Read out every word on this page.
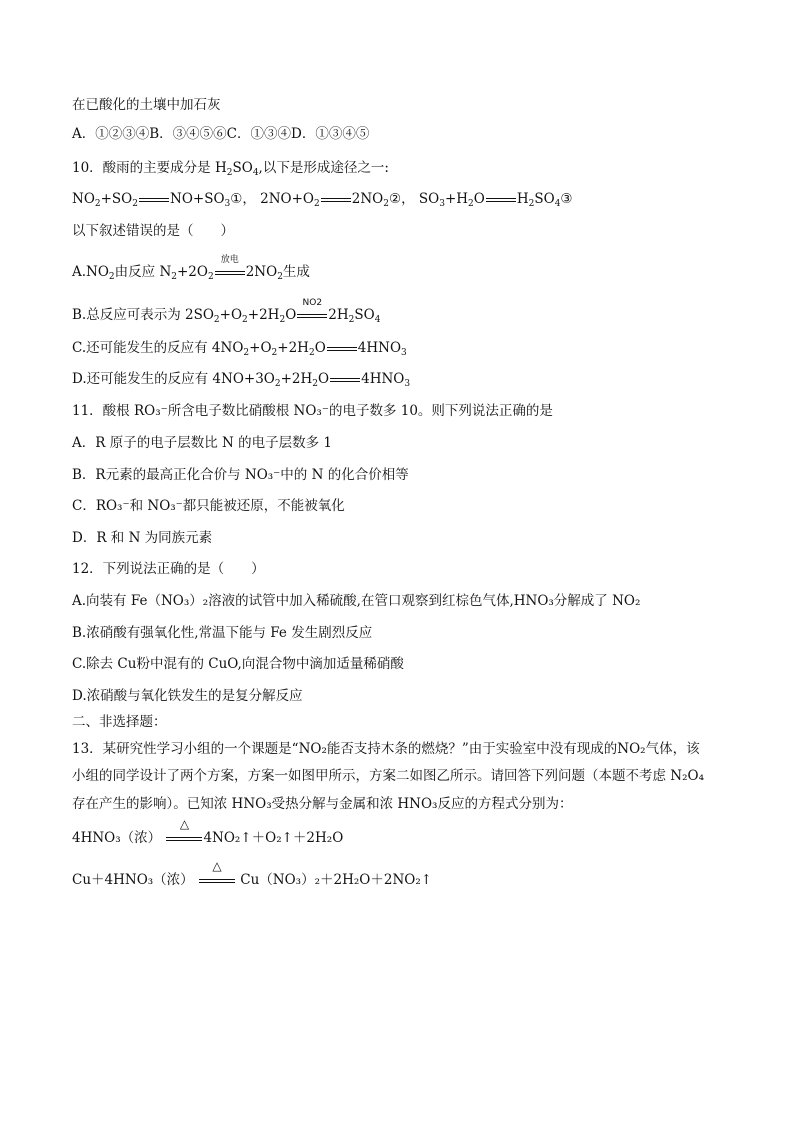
在已酸化的土壤中加石灰
A．①②③④B．③④⑤⑥C．①③④D．①③④⑤
10．酸雨的主要成分是 $H_2SO_4$,以下是形成途径之一:
$NO_2+SO_2$ $NO+SO_3①$， $2NO+O_2$ $2NO_2②$， $SO_3+H_2O$ $H_2SO_4③$
以下叙述错误的是（　　）
$A.NO_2$由反应 $N_2+2O_2$
放电
$2NO_2$生成
B.总反应可表示为 $2SO_2+O_2+2H_2O$
NO2
$2H_2SO_4$
C.还可能发生的反应有 $4NO_2+O_2+2H_2O$ $4HNO_3$
D.还可能发生的反应有 $4NO+3O_2+2H_2O$ $4HNO_3$
11．酸根 RO₃⁻所含电子数比硝酸根 NO₃⁻的电子数多 10。则下列说法正确的是
A．R 原子的电子层数比 N 的电子层数多 1
B．R元素的最高正化合价与 NO₃⁻中的 N 的化合价相等
C．RO₃⁻和 NO₃⁻都只能被还原，不能被氧化
D．R 和 N 为同族元素
12．下列说法正确的是（　　）
A.向装有 Fe（NO₃）₂溶液的试管中加入稀硫酸,在管口观察到红棕色气体,HNO₃分解成了 NO₂
B.浓硝酸有强氧化性,常温下能与 Fe 发生剧烈反应
C.除去 Cu粉中混有的 CuO,向混合物中滴加适量稀硝酸
D.浓硝酸与氧化铁发生的是复分解反应
二、非选择题：
13．某研究性学习小组的一个课题是“NO₂能否支持木条的燃烧？”由于实验室中没有现成的NO₂气体，该
小组的同学设计了两个方案，方案一如图甲所示，方案二如图乙所示。请回答下列问题（本题不考虑 N₂O₄
存在产生的影响）。已知浓 HNO₃受热分解与金属和浓 HNO₃反应的方程式分别为：
4HNO₃（浓）
△
4NO₂↑＋O₂↑＋2H₂O
Cu＋4HNO₃（浓）
△
Cu（NO₃）₂＋2H₂O＋2NO₂↑
